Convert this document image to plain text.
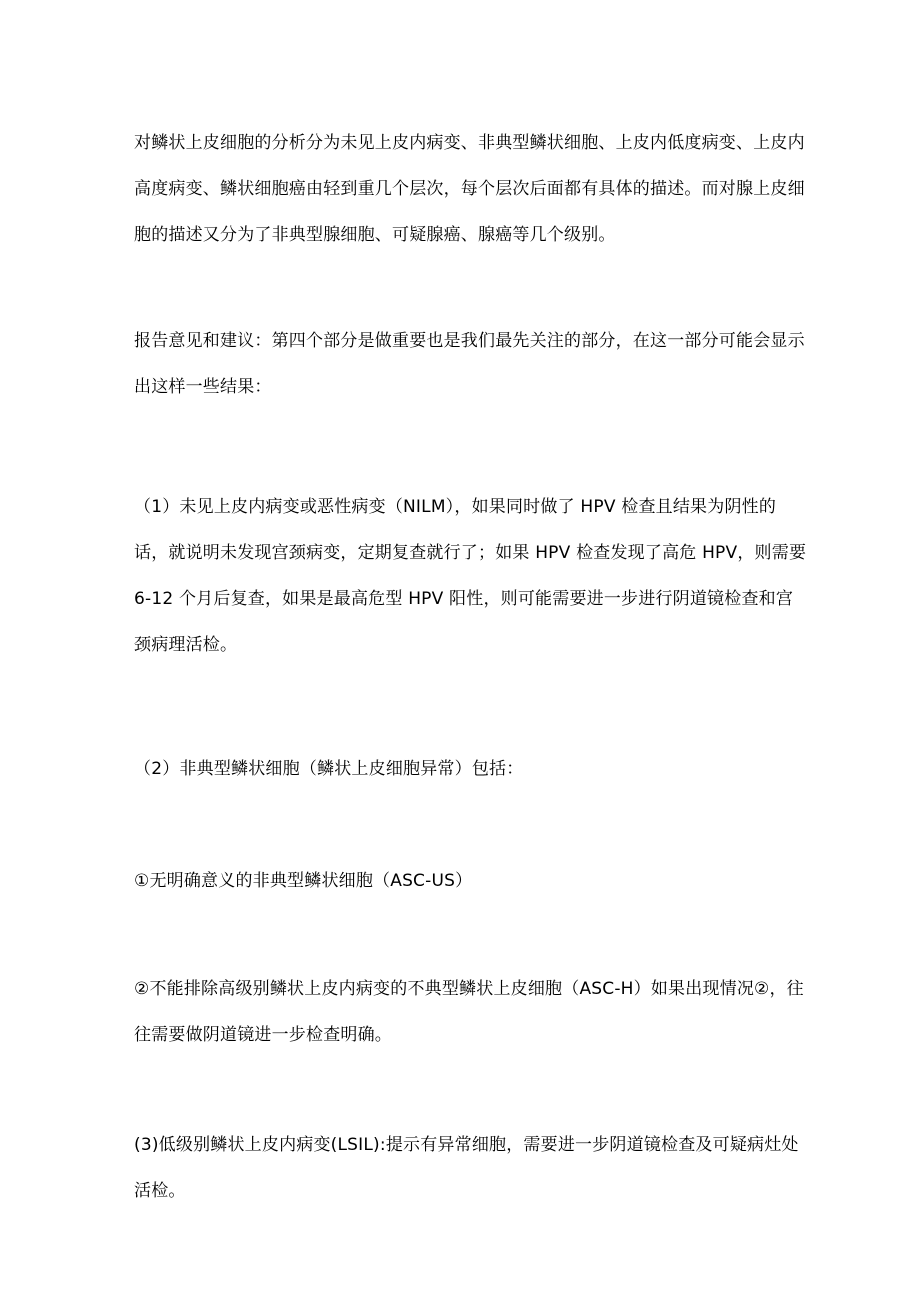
对鳞状上皮细胞的分析分为未见上皮内病变、非典型鳞状细胞、上皮内低度病变、上皮内高度病变、鳞状细胞癌由轻到重几个层次，每个层次后面都有具体的描述。而对腺上皮细胞的描述又分为了非典型腺细胞、可疑腺癌、腺癌等几个级别。

报告意见和建议：第四个部分是做重要也是我们最先关注的部分，在这一部分可能会显示出这样一些结果：

（1）未见上皮内病变或恶性病变（NILM），如果同时做了 HPV 检查且结果为阴性的话，就说明未发现宫颈病变，定期复查就行了；如果 HPV 检查发现了高危 HPV，则需要 6-12 个月后复查，如果是最高危型 HPV 阳性，则可能需要进一步进行阴道镜检查和宫颈病理活检。

（2）非典型鳞状细胞（鳞状上皮细胞异常）包括：

①无明确意义的非典型鳞状细胞（ASC-US）

②不能排除高级别鳞状上皮内病变的不典型鳞状上皮细胞（ASC-H）如果出现情况②，往往需要做阴道镜进一步检查明确。

(3)低级别鳞状上皮内病变(LSIL):提示有异常细胞，需要进一步阴道镜检查及可疑病灶处活检。
